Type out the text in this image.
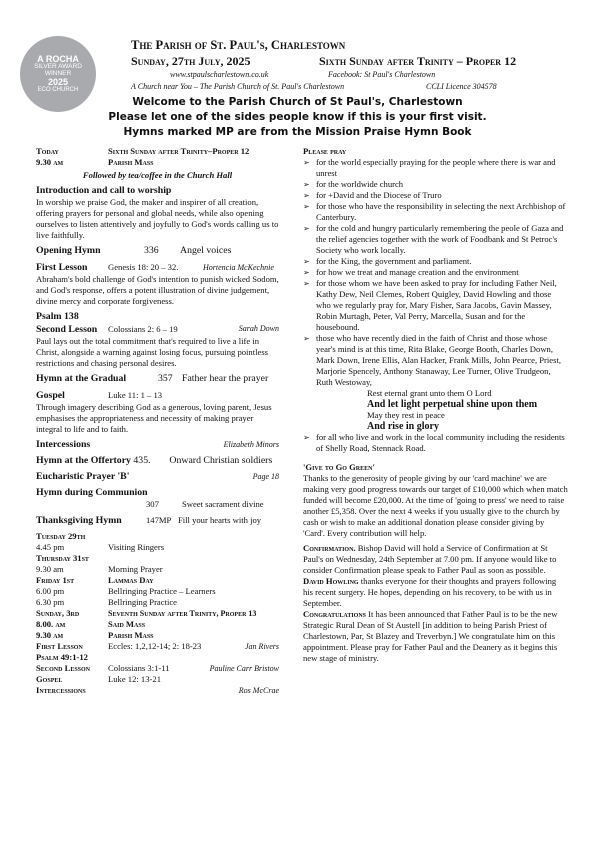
A ROCHA
SILVER AWARD
WINNER
2025
ECO CHURCH
The Parish of St. Paul's, Charlestown
Sunday, 27th July, 2025	Sixth Sunday after Trinity – Proper 12
www.stpaulscharlestown.co.uk	Facebook: St Paul's Charlestown
A Church near You – The Parish Church of St. Paul's Charlestown	CCLI Licence 304578
Welcome to the Parish Church of St Paul's, Charlestown
Please let one of the sides people know if this is your first visit.
Hymns marked MP are from the Mission Praise Hymn Book
Today	Sixth Sunday after Trinity–Proper 12
9.30 am	Parish Mass

Followed by tea/coffee in the Church Hall

Introduction and call to worship

In worship we praise God, the maker and inspirer of all creation, offering prayers for personal and global needs, while also opening ourselves to listen attentively and joyfully to God's words calling us to live faithfully.

Opening Hymn	336 Angel voices
First Lesson Genesis 18: 20 – 32.	Hortencia McKechnie

Abraham's bold challenge of God's intention to punish wicked Sodom, and God's response, offers a potent illustration of divine judgement, divine mercy and corporate forgiveness.

Psalm 138
Second Lesson Colossians 2: 6 – 19	Sarah Down

Paul lays out the total commitment that's required to live a life in Christ, alongside a warning against losing focus, pursuing pointless restrictions and chasing personal desires.

Hymn at the Gradual	357 Father hear the prayer
Gospel	Luke 11: 1 – 13

Through imagery describing God as a generous, loving parent, Jesus emphasises the appropriateness and necessity of making prayer integral to life and to faith.

Intercessions	Elizabeth Minors
Hymn at the Offertory 435. Onward Christian soldiers
Eucharistic Prayer 'B'	Page 18
Hymn during Communion
307	Sweet sacrament divine
Thanksgiving Hymn	147MP Fill your hearts with joy
Tuesday 29th	
4.45 pm	Visiting Ringers
Thursday 31st	
9.30 am	Morning Prayer
Friday 1st	Lammas Day
6.00 pm	Bellringing Practice – Learners
6.30 pm	Bellringing Practice
Sunday, 3rd	Seventh Sunday after Trinity, Proper 13
8.00. am	Said Mass
9.30 am	Parish Mass
First Lesson	Eccles: 1,2,12-14; 2: 18-23	Jan Rivers
Psalm 49:1-12
Second Lesson Colossians 3:1-11	Pauline Carr Bristow
Gospel	Luke 12: 13-21
Intercessions	Ros McCrae
Please pray
➢ for the world especially praying for the people where there is war and unrest
➢ for the worldwide church
➢ for +David and the Diocese of Truro
➢ for those who have the responsibility in selecting the next Archbishop of Canterbury.
➢ for the cold and hungry particularly remembering the peole of Gaza and the relief agencies together with the work of Foodbank and St Petroc's Society who work locally.
➢ for the King, the government and parliament.
➢ for how we treat and manage creation and the environment
➢ for those whom we have been asked to pray for including Father Neil, Kathy Dew, Neil Clemes, Robert Quigley, David Howling and those who we regularly pray for, Mary Fisher, Sara Jacobs, Gavin Massey, Robin Murtagh, Peter, Val Perry, Marcella, Susan and for the housebound.
➢ those who have recently died in the faith of Christ and those whose year's mind is at this time, Rita Blake, George Booth, Charles Down, Mark Down, Irene Ellis, Alan Hacker, Frank Mills, John Pearce, Priest, Marjorie Spencely, Anthony Stanaway, Lee Turner, Olive Trudgeon, Ruth Westoway,
Rest eternal grant unto them O Lord
And let light perpetual shine upon them
May they rest in peace
And rise in glory
➢ for all who live and work in the local community including the residents of Shelly Road, Stennack Road.
'Give to Go Green'

Thanks to the generosity of people giving by our 'card machine' we are making very good progress towards our target of £10,000 which when match funded will become £20,000. At the time of 'going to press' we need to raise another £5,358. Over the next 4 weeks if you usually give to the church by cash or wish to make an additional donation please consider giving by 'Card'. Every contribution will help.

Confirmation. Bishop David will hold a Service of Confirmation at St Paul's on Wednesday, 24th September at 7.00 pm. If anyone would like to consider Confirmation please speak to Father Paul as soon as possible.

David Howling thanks everyone for their thoughts and prayers following his recent surgery. He hopes, depending on his recovery, to be with us in September.

Congratulations It has been announced that Father Paul is to be the new Strategic Rural Dean of St Austell [in addition to being Parish Priest of Charlestown, Par, St Blazey and Treverbyn.] We congratulate him on this appointment. Please pray for Father Paul and the Deanery as it begins this new stage of ministry.
